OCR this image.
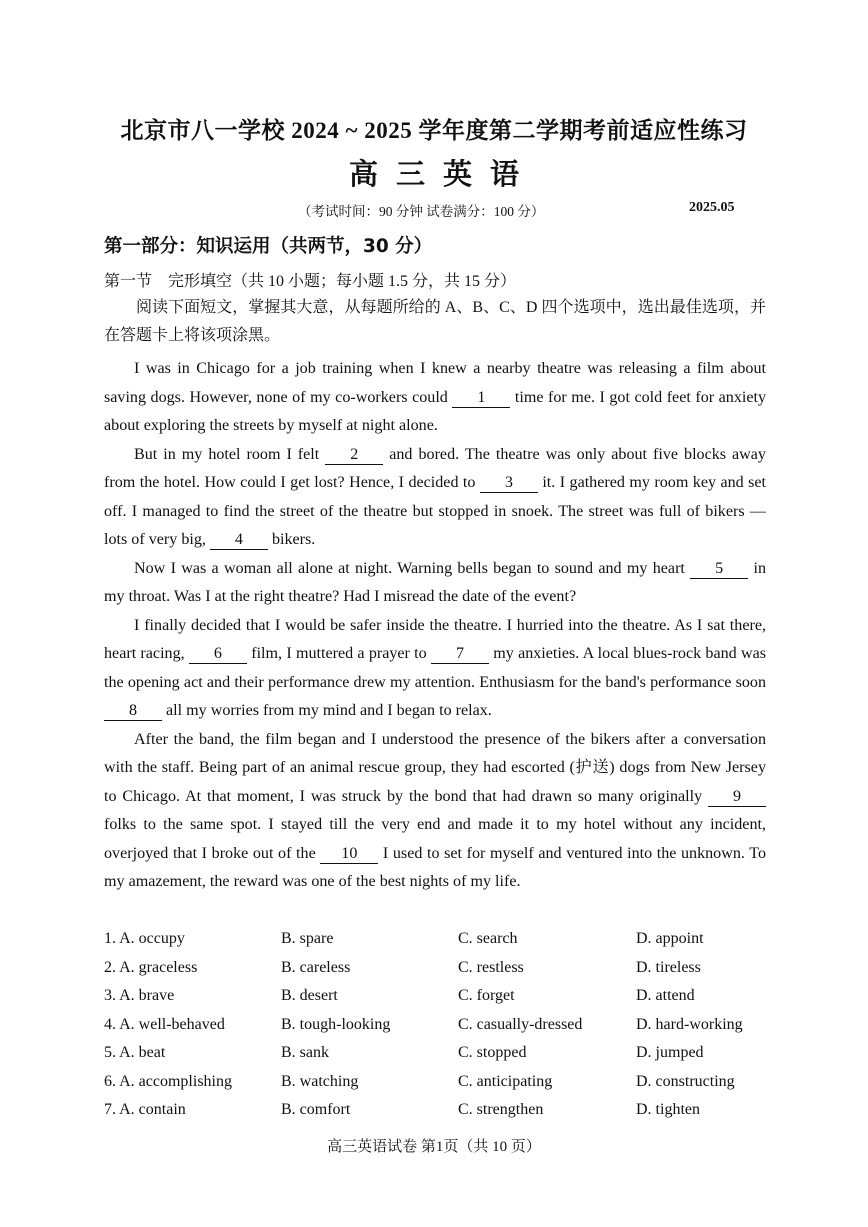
北京市八一学校 2024 ~ 2025 学年度第二学期考前适应性练习
高三英语
（考试时间：90 分钟 试卷满分：100 分）	2025.05
第一部分：知识运用（共两节，30 分）
第一节　完形填空（共 10 小题；每小题 1.5 分，共 15 分）
阅读下面短文，掌握其大意，从每题所给的 A、B、C、D 四个选项中，选出最佳选项，并在答题卡上将该项涂黑。

I was in Chicago for a job training when I knew a nearby theatre was releasing a film about saving dogs. However, none of my co-workers could 1 time for me. I got cold feet for anxiety about exploring the streets by myself at night alone.

But in my hotel room I felt 2 and bored. The theatre was only about five blocks away from the hotel. How could I get lost? Hence, I decided to 3 it. I gathered my room key and set off. I managed to find the street of the theatre but stopped in snoek. The street was full of bikers — lots of very big, 4 bikers.

Now I was a woman all alone at night. Warning bells began to sound and my heart 5 in my throat. Was I at the right theatre? Had I misread the date of the event?

I finally decided that I would be safer inside the theatre. I hurried into the theatre. As I sat there, heart racing, 6 film, I muttered a prayer to 7 my anxieties. A local blues-rock band was the opening act and their performance drew my attention. Enthusiasm for the band's performance soon 8 all my worries from my mind and I began to relax.

After the band, the film began and I understood the presence of the bikers after a conversation with the staff. Being part of an animal rescue group, they had escorted (护送) dogs from New Jersey to Chicago. At that moment, I was struck by the bond that had drawn so many originally 9 folks to the same spot. I stayed till the very end and made it to my hotel without any incident, overjoyed that I broke out of the 10 I used to set for myself and ventured into the unknown. To my amazement, the reward was one of the best nights of my life.

1. A. occupy	B. spare	C. search	D. appoint
2. A. graceless	B. careless	C. restless	D. tireless
3. A. brave	B. desert	C. forget	D. attend
4. A. well-behaved	B. tough-looking	C. casually-dressed	D. hard-working
5. A. beat	B. sank	C. stopped	D. jumped
6. A. accomplishing	B. watching	C. anticipating	D. constructing
7. A. contain	B. comfort	C. strengthen	D. tighten
高三英语试卷 第1页（共 10 页）
